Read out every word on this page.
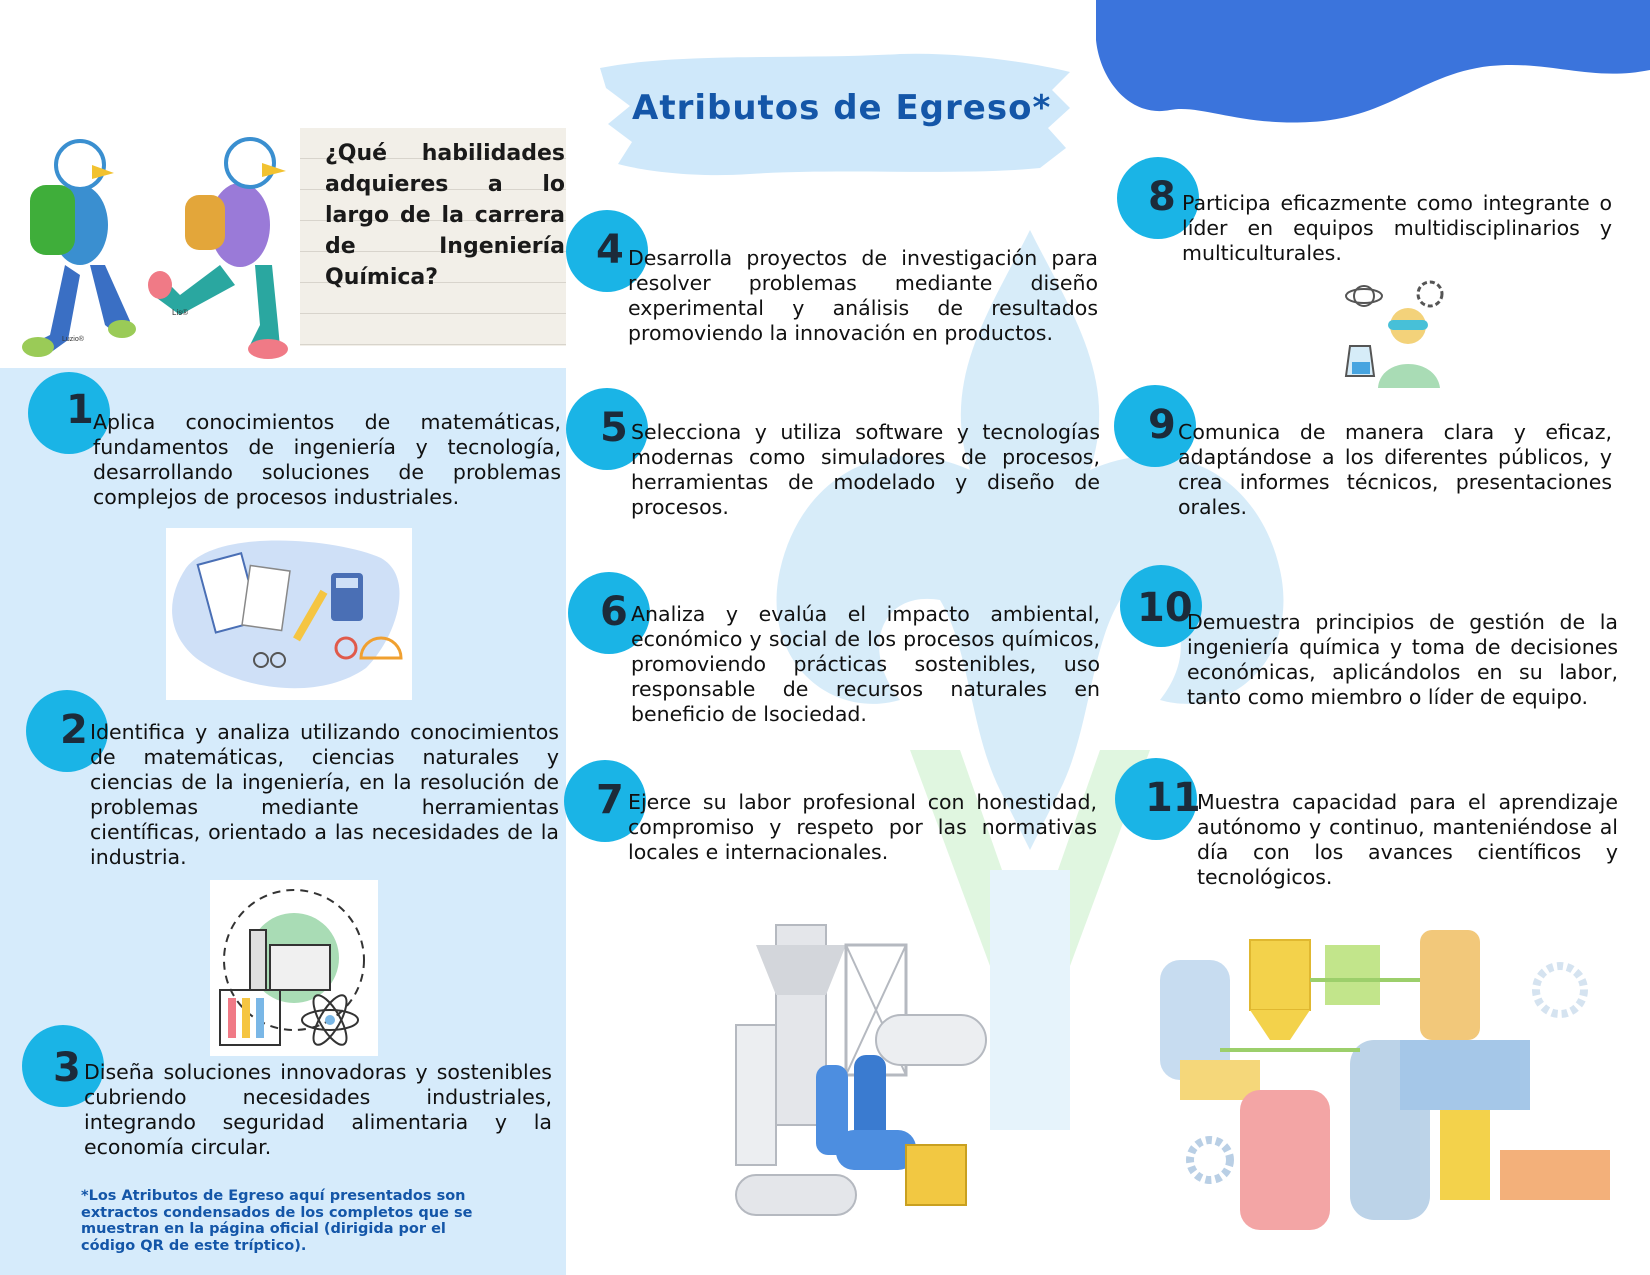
Atributos de Egreso*
Luzio®
Lis®
¿Qué habilidades adquieres a lo largo de la carrera de Ingeniería Química?
1 Aplica conocimientos de matemáticas, fundamentos de ingeniería y tecnología, desarrollando soluciones de problemas complejos de procesos industriales.
2 Identifica y analiza utilizando conocimientos de matemáticas, ciencias naturales y ciencias de la ingeniería, en la resolución de problemas mediante herramientas científicas, orientado a las necesidades de la industria.
3 Diseña soluciones innovadoras y sostenibles cubriendo necesidades industriales, integrando seguridad alimentaria y la economía circular.
*Los Atributos de Egreso aquí presentados son extractos condensados de los completos que se muestran en la página oficial (dirigida por el código QR de este tríptico).
4 Desarrolla proyectos de investigación para resolver problemas mediante diseño experimental y análisis de resultados promoviendo la innovación en productos.
5 Selecciona y utiliza software y tecnologías modernas como simuladores de procesos, herramientas de modelado y diseño de procesos.
6 Analiza y evalúa el impacto ambiental, económico y social de los procesos químicos, promoviendo prácticas sostenibles, uso responsable de recursos naturales en beneficio de lsociedad.
7 Ejerce su labor profesional con honestidad, compromiso y respeto por las normativas locales e internacionales.
8 Participa eficazmente como integrante o líder en equipos multidisciplinarios y multiculturales.
9 Comunica de manera clara y eficaz, adaptándose a los diferentes públicos, y crea informes técnicos, presentaciones orales.
10
Demuestra principios de gestión de la ingeniería química y toma de decisiones económicas, aplicándolos en su labor, tanto como miembro o líder de equipo.
11
Muestra capacidad para el aprendizaje autónomo y continuo, manteniéndose al día con los avances científicos y tecnológicos.
